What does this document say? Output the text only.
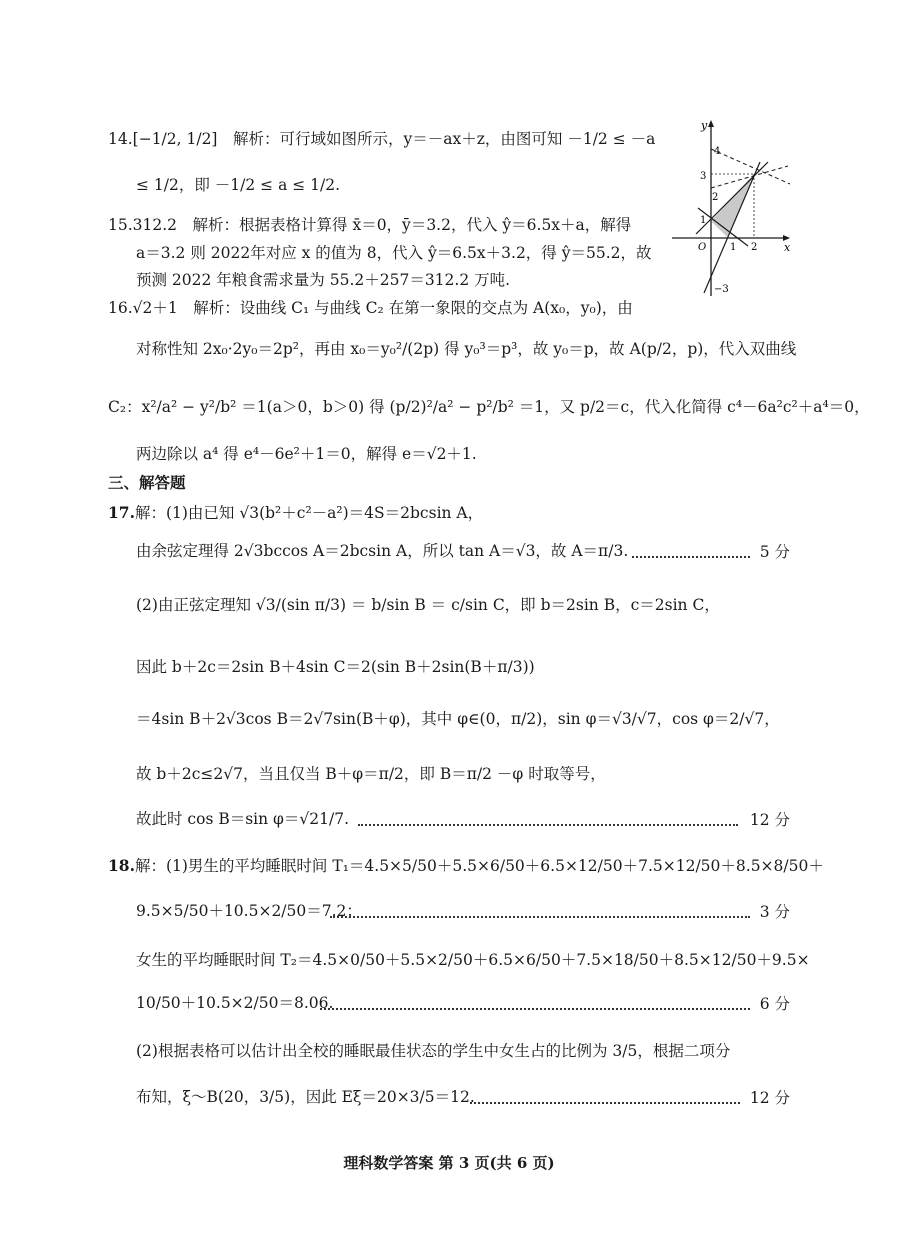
14.[−1/2, 1/2]　 解析：可行域如图所示，y＝－ax＋z，由图可知 －1/2 ≤ －a
≤ 1/2，即 －1/2 ≤ a ≤ 1/2.
15.312.2　解析：根据表格计算得 x̄＝0，ȳ＝3.2，代入 ŷ＝6.5x＋a，解得
a＝3.2 则 2022年对应 x 的值为 8，代入 ŷ＝6.5x＋3.2，得 ŷ＝55.2，故
预测 2022 年粮食需求量为 55.2＋257＝312.2 万吨.
y
x
O
4
3
2
1
1 2
−3
16.√2＋1　解析：设曲线 C₁ 与曲线 C₂ 在第一象限的交点为 A(x₀，y₀)，由
对称性知 2x₀·2y₀＝2p²，再由 x₀＝y₀²/(2p) 得 y₀³＝p³，故 y₀＝p，故 A(p/2，p)，代入双曲线
C₂：x²/a² − y²/b² ＝1(a＞0，b＞0) 得 (p/2)²/a² − p²/b² ＝1，又 p/2＝c，代入化简得 c⁴－6a²c²＋a⁴＝0，
两边除以 a⁴ 得 e⁴－6e²＋1＝0，解得 e＝√2＋1.
三、解答题
17.解：(1)由已知 √3(b²＋c²－a²)＝4S＝2bcsin A，
由余弦定理得 2√3bccos A＝2bcsin A，所以 tan A＝√3，故 A＝π/3.	5 分
(2)由正弦定理知 √3/(sin π/3) ＝ b/sin B ＝ c/sin C，即 b＝2sin B，c＝2sin C，
因此 b＋2c＝2sin B＋4sin C＝2(sin B＋2sin(B＋π/3))
＝4sin B＋2√3cos B＝2√7sin(B＋φ)，其中 φ∈(0，π/2)，sin φ＝√3/√7，cos φ＝2/√7，
故 b＋2c≤2√7，当且仅当 B＋φ＝π/2，即 B＝π/2 －φ 时取等号，
故此时 cos B＝sin φ＝√21/7.	12 分
18.解：(1)男生的平均睡眠时间 T₁＝4.5×5/50＋5.5×6/50＋6.5×12/50＋7.5×12/50＋8.5×8/50＋
9.5×5/50＋10.5×2/50＝7.2；	3 分
女生的平均睡眠时间 T₂＝4.5×0/50＋5.5×2/50＋6.5×6/50＋7.5×18/50＋8.5×12/50＋9.5×
10/50＋10.5×2/50＝8.06.	6 分
(2)根据表格可以估计出全校的睡眠最佳状态的学生中女生占的比例为 3/5，根据二项分
布知，ξ～B(20，3/5)，因此 Eξ＝20×3/5＝12.	12 分
理科数学答案 第 3 页(共 6 页)
